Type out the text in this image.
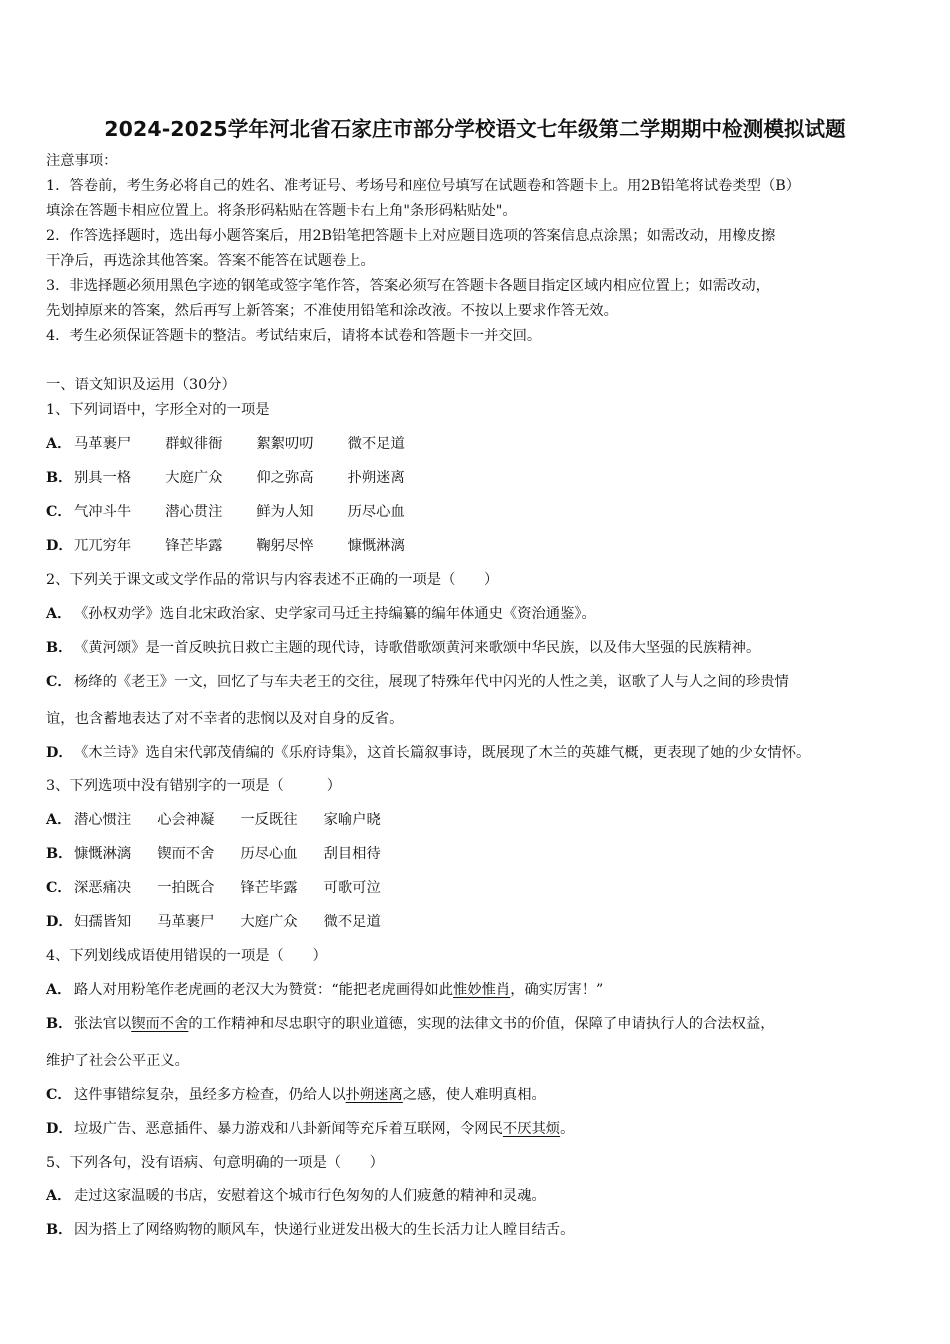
2024-2025学年河北省石家庄市部分学校语文七年级第二学期期中检测模拟试题
注意事项：
1．答卷前，考生务必将自己的姓名、准考证号、考场号和座位号填写在试题卷和答题卡上。用2B铅笔将试卷类型（B）
填涂在答题卡相应位置上。将条形码粘贴在答题卡右上角"条形码粘贴处"。
2．作答选择题时，选出每小题答案后，用2B铅笔把答题卡上对应题目选项的答案信息点涂黑；如需改动，用橡皮擦
干净后，再选涂其他答案。答案不能答在试题卷上。
3．非选择题必须用黑色字迹的钢笔或签字笔作答，答案必须写在答题卡各题目指定区域内相应位置上；如需改动，
先划掉原来的答案，然后再写上新答案；不准使用铅笔和涂改液。不按以上要求作答无效。
4．考生必须保证答题卡的整洁。考试结束后，请将本试卷和答题卡一并交回。
一、语文知识及运用（30分）
1、下列词语中，字形全对的一项是
A． 马革裹尸 群蚁徘衙 絮絮叨叨 微不足道
B． 别具一格 大庭广众 仰之弥高 扑朔迷离
C． 气冲斗牛 潜心贯注 鲜为人知 历尽心血
D．兀兀穷年 锋芒毕露 鞠躬尽悴 慷慨淋漓
2、下列关于课文或文学作品的常识与内容表述不正确的一项是（　　）
A． 《孙权劝学》选自北宋政治家、史学家司马迁主持编纂的编年体通史《资治通鉴》。
B． 《黄河颂》是一首反映抗日救亡主题的现代诗，诗歌借歌颂黄河来歌颂中华民族，以及伟大坚强的民族精神。
C． 杨绛的《老王》一文，回忆了与车夫老王的交往，展现了特殊年代中闪光的人性之美，讴歌了人与人之间的珍贵情
谊，也含蓄地表达了对不幸者的悲悯以及对自身的反省。
D．《木兰诗》选自宋代郭茂倩编的《乐府诗集》，这首长篇叙事诗，既展现了木兰的英雄气概，更表现了她的少女情怀。
3、下列选项中没有错别字的一项是（　　　）
A． 潜心惯注 心会神凝 一反既往 家喻户晓
B． 慷慨淋漓 锲而不舍 历尽心血 刮目相待
C． 深恶痛决 一拍既合 锋芒毕露 可歌可泣
D．妇孺皆知 马革裹尸 大庭广众 微不足道
4、下列划线成语使用错误的一项是（　　）
A． 路人对用粉笔作老虎画的老汉大为赞赏：“能把老虎画得如此惟妙惟肖，确实厉害！”
B． 张法官以锲而不舍的工作精神和尽忠职守的职业道德，实现的法律文书的价值，保障了申请执行人的合法权益，
维护了社会公平正义。
C． 这件事错综复杂，虽经多方检查，仍给人以扑朔迷离之感，使人难明真相。
D．垃圾广告、恶意插件、暴力游戏和八卦新闻等充斥着互联网，令网民不厌其烦。
5、下列各句，没有语病、句意明确的一项是（　　）
A． 走过这家温暖的书店，安慰着这个城市行色匆匆的人们疲惫的精神和灵魂。
B． 因为搭上了网络购物的顺风车，快递行业迸发出极大的生长活力让人瞠目结舌。
